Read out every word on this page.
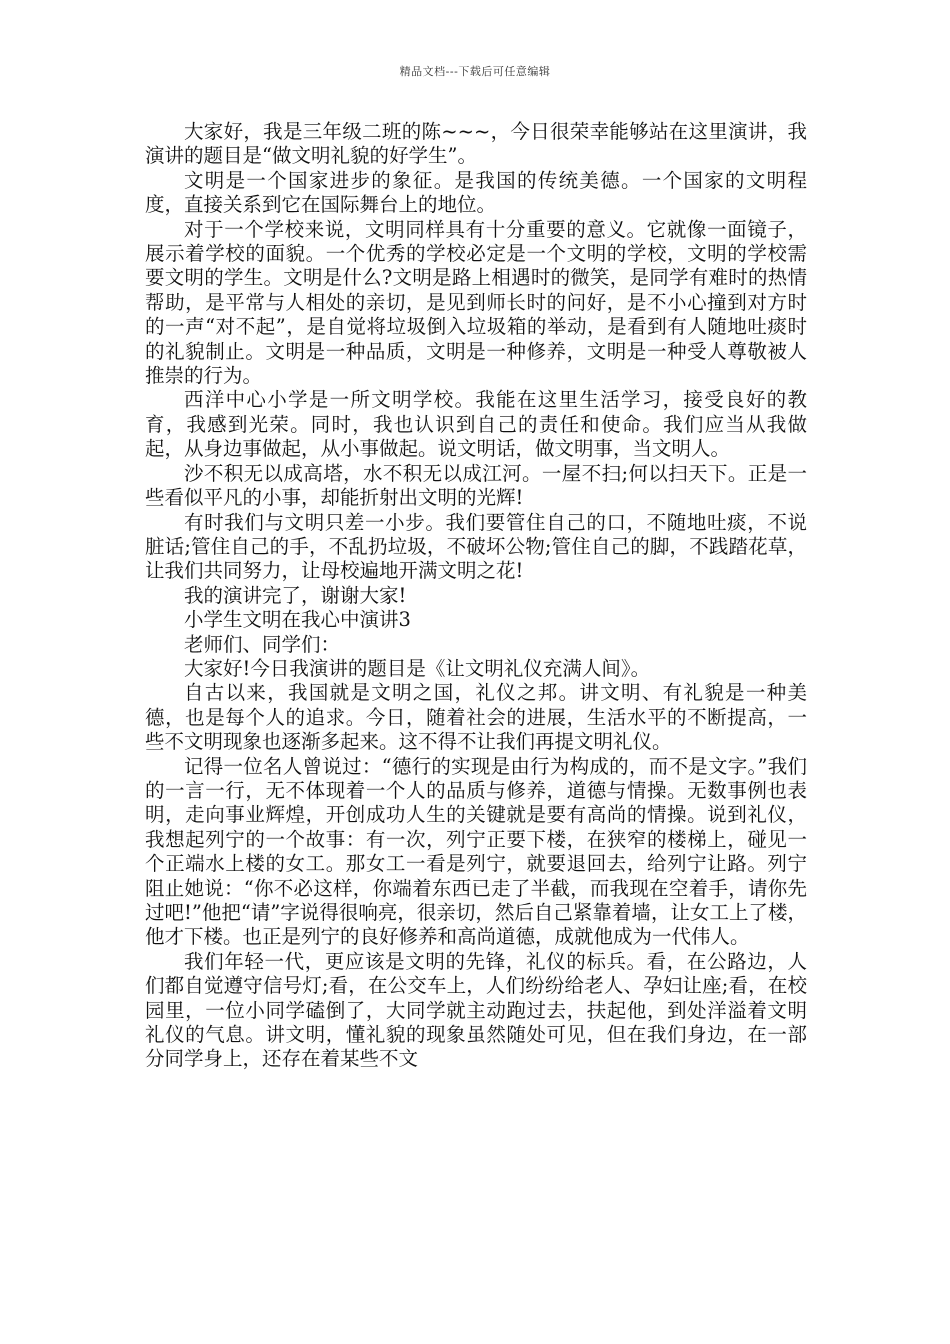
精品文档---下载后可任意编辑

大家好，我是三年级二班的陈~~~，今日很荣幸能够站在这里演讲，我演讲的题目是“做文明礼貌的好学生”。

文明是一个国家进步的象征。是我国的传统美德。一个国家的文明程度，直接关系到它在国际舞台上的地位。

对于一个学校来说，文明同样具有十分重要的意义。它就像一面镜子，展示着学校的面貌。一个优秀的学校必定是一个文明的学校，文明的学校需要文明的学生。文明是什么?文明是路上相遇时的微笑，是同学有难时的热情帮助，是平常与人相处的亲切，是见到师长时的问好，是不小心撞到对方时的一声“对不起”，是自觉将垃圾倒入垃圾箱的举动，是看到有人随地吐痰时的礼貌制止。文明是一种品质，文明是一种修养，文明是一种受人尊敬被人推崇的行为。

西洋中心小学是一所文明学校。我能在这里生活学习，接受良好的教育，我感到光荣。同时，我也认识到自己的责任和使命。我们应当从我做起，从身边事做起，从小事做起。说文明话，做文明事，当文明人。

沙不积无以成高塔，水不积无以成江河。一屋不扫;何以扫天下。正是一些看似平凡的小事，却能折射出文明的光辉!

有时我们与文明只差一小步。我们要管住自己的口，不随地吐痰，不说脏话;管住自己的手，不乱扔垃圾，不破坏公物;管住自己的脚，不践踏花草，让我们共同努力，让母校遍地开满文明之花!

我的演讲完了，谢谢大家!

小学生文明在我心中演讲3

老师们、同学们：

大家好!今日我演讲的题目是《让文明礼仪充满人间》。

自古以来，我国就是文明之国，礼仪之邦。讲文明、有礼貌是一种美德，也是每个人的追求。今日，随着社会的进展，生活水平的不断提高，一些不文明现象也逐渐多起来。这不得不让我们再提文明礼仪。

记得一位名人曾说过：“德行的实现是由行为构成的，而不是文字。”我们的一言一行，无不体现着一个人的品质与修养，道德与情操。无数事例也表明，走向事业辉煌，开创成功人生的关键就是要有高尚的情操。说到礼仪，我想起列宁的一个故事：有一次，列宁正要下楼，在狭窄的楼梯上，碰见一个正端水上楼的女工。那女工一看是列宁，就要退回去，给列宁让路。列宁阻止她说：“你不必这样，你端着东西已走了半截，而我现在空着手，请你先过吧!”他把“请”字说得很响亮，很亲切，然后自己紧靠着墙，让女工上了楼，他才下楼。也正是列宁的良好修养和高尚道德，成就他成为一代伟人。

我们年轻一代，更应该是文明的先锋，礼仪的标兵。看，在公路边，人们都自觉遵守信号灯;看，在公交车上，人们纷纷给老人、孕妇让座;看，在校园里，一位小同学磕倒了，大同学就主动跑过去，扶起他，到处洋溢着文明礼仪的气息。讲文明，懂礼貌的现象虽然随处可见，但在我们身边，在一部分同学身上，还存在着某些不文
